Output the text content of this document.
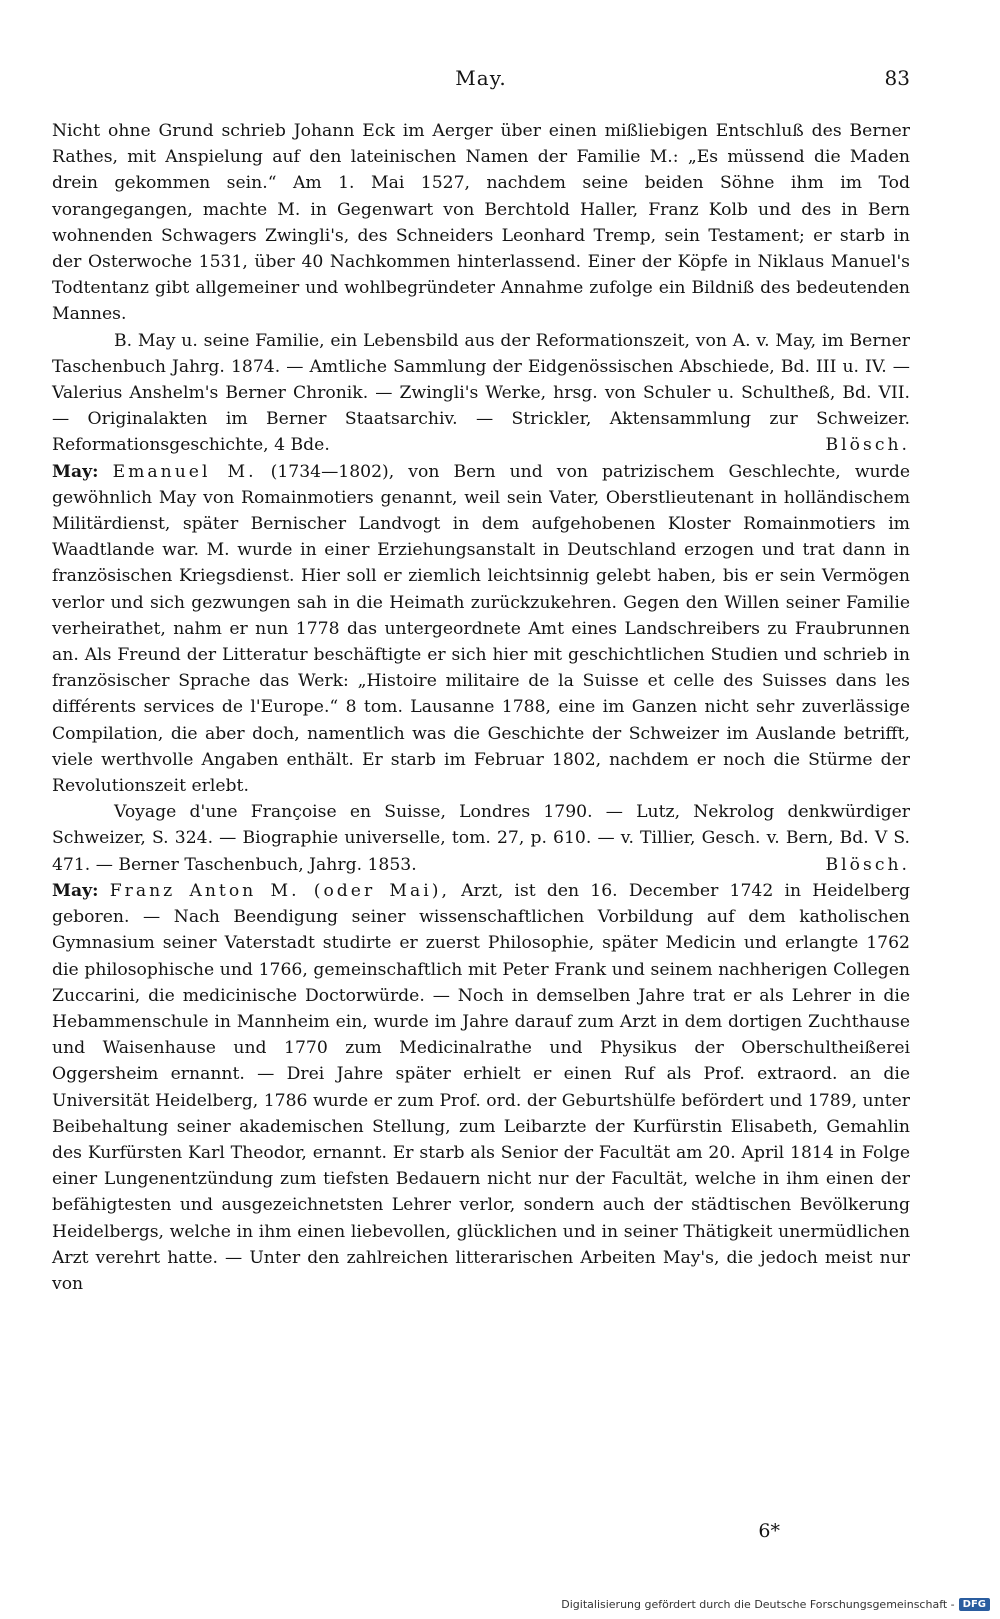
May.	83

Nicht ohne Grund schrieb Johann Eck im Aerger über einen mißliebigen Entschluß des Berner Rathes, mit Anspielung auf den lateinischen Namen der Familie M.: „Es müssend die Maden drein gekommen sein.“ Am 1. Mai 1527, nachdem seine beiden Söhne ihm im Tod vorangegangen, machte M. in Gegenwart von Berchtold Haller, Franz Kolb und des in Bern wohnenden Schwagers Zwingli's, des Schneiders Leonhard Tremp, sein Testament; er starb in der Osterwoche 1531, über 40 Nachkommen hinterlassend. Einer der Köpfe in Niklaus Manuel's Todtentanz gibt allgemeiner und wohlbegründeter Annahme zufolge ein Bildniß des bedeutenden Mannes.

B. May u. seine Familie, ein Lebensbild aus der Reformationszeit, von A. v. May, im Berner Taschenbuch Jahrg. 1874. — Amtliche Sammlung der Eidgenössischen Abschiede, Bd. III u. IV. — Valerius Anshelm's Berner Chronik. — Zwingli's Werke, hrsg. von Schuler u. Schultheß, Bd. VII. — Originalakten im Berner Staatsarchiv. — Strickler, Aktensammlung zur Schweizer. Reformationsgeschichte, 4 Bde.	Blösch.

May: Emanuel M. (1734—1802), von Bern und von patrizischem Geschlechte, wurde gewöhnlich May von Romainmotiers genannt, weil sein Vater, Oberstlieutenant in holländischem Militärdienst, später Bernischer Landvogt in dem aufgehobenen Kloster Romainmotiers im Waadtlande war. M. wurde in einer Erziehungsanstalt in Deutschland erzogen und trat dann in französischen Kriegsdienst. Hier soll er ziemlich leichtsinnig gelebt haben, bis er sein Vermögen verlor und sich gezwungen sah in die Heimath zurückzukehren. Gegen den Willen seiner Familie verheirathet, nahm er nun 1778 das untergeordnete Amt eines Landschreibers zu Fraubrunnen an. Als Freund der Litteratur beschäftigte er sich hier mit geschichtlichen Studien und schrieb in französischer Sprache das Werk: „Histoire militaire de la Suisse et celle des Suisses dans les différents services de l'Europe.“ 8 tom. Lausanne 1788, eine im Ganzen nicht sehr zuverlässige Compilation, die aber doch, namentlich was die Geschichte der Schweizer im Auslande betrifft, viele werthvolle Angaben enthält. Er starb im Februar 1802, nachdem er noch die Stürme der Revolutionszeit erlebt.

Voyage d'une Françoise en Suisse, Londres 1790. — Lutz, Nekrolog denkwürdiger Schweizer, S. 324. — Biographie universelle, tom. 27, p. 610. — v. Tillier, Gesch. v. Bern, Bd. V S. 471. — Berner Taschenbuch, Jahrg. 1853.	Blösch.

May: Franz Anton M. (oder Mai), Arzt, ist den 16. December 1742 in Heidelberg geboren. — Nach Beendigung seiner wissenschaftlichen Vorbildung auf dem katholischen Gymnasium seiner Vaterstadt studirte er zuerst Philosophie, später Medicin und erlangte 1762 die philosophische und 1766, gemeinschaftlich mit Peter Frank und seinem nachherigen Collegen Zuccarini, die medicinische Doctorwürde. — Noch in demselben Jahre trat er als Lehrer in die Hebammenschule in Mannheim ein, wurde im Jahre darauf zum Arzt in dem dortigen Zuchthause und Waisenhause und 1770 zum Medicinalrathe und Physikus der Oberschultheißerei Oggersheim ernannt. — Drei Jahre später erhielt er einen Ruf als Prof. extraord. an die Universität Heidelberg, 1786 wurde er zum Prof. ord. der Geburtshülfe befördert und 1789, unter Beibehaltung seiner akademischen Stellung, zum Leibarzte der Kurfürstin Elisabeth, Gemahlin des Kurfürsten Karl Theodor, ernannt. Er starb als Senior der Facultät am 20. April 1814 in Folge einer Lungenentzündung zum tiefsten Bedauern nicht nur der Facultät, welche in ihm einen der befähigtesten und ausgezeichnetsten Lehrer verlor, sondern auch der städtischen Bevölkerung Heidelbergs, welche in ihm einen liebevollen, glücklichen und in seiner Thätigkeit unermüdlichen Arzt verehrt hatte. — Unter den zahlreichen litterarischen Arbeiten May's, die jedoch meist nur von

6*
Digitalisierung gefördert durch die Deutsche Forschungsgemeinschaft - DFG
